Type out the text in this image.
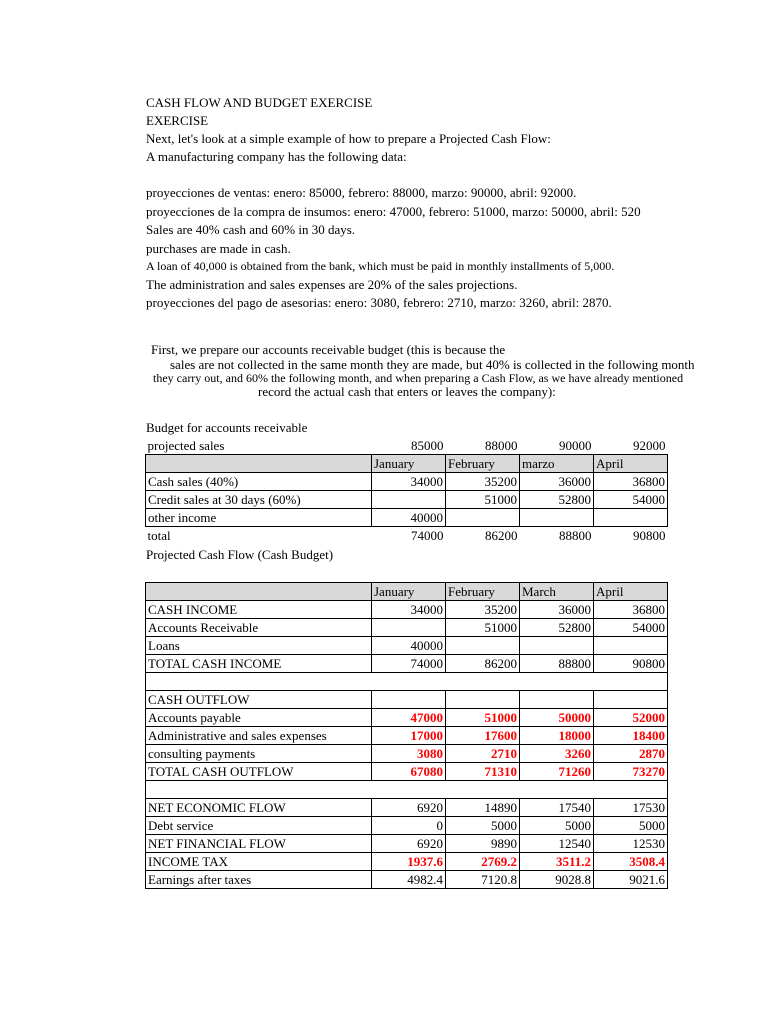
CASH FLOW AND BUDGET EXERCISE
EXERCISE
Next, let's look at a simple example of how to prepare a Projected Cash Flow:
A manufacturing company has the following data:
proyecciones de ventas: enero: 85000, febrero: 88000, marzo: 90000, abril: 92000.
proyecciones de la compra de insumos: enero: 47000, febrero: 51000, marzo: 50000, abril: 520
Sales are 40% cash and 60% in 30 days.
purchases are made in cash.
A loan of 40,000 is obtained from the bank, which must be paid in monthly installments of 5,000.
The administration and sales expenses are 20% of the sales projections.
proyecciones del pago de asesorias: enero: 3080, febrero: 2710, marzo: 3260, abril: 2870.
First, we prepare our accounts receivable budget (this is because the
sales are not collected in the same month they are made, but 40% is collected in the following month
they carry out, and 60% the following month, and when preparing a Cash Flow, as we have already mentioned
record the actual cash that enters or leaves the company):
Budget for accounts receivable
projected sales	85000	88000	90000	92000
	January	February	marzo	April
Cash sales (40%)	34000	35200	36000	36800
Credit sales at 30 days (60%)		51000	52800	54000
other income	40000			
total	74000	86200	88800	90800
Projected Cash Flow (Cash Budget)
	January	February	March	April
CASH INCOME	34000	35200	36000	36800
Accounts Receivable		51000	52800	54000
Loans	40000			
TOTAL CASH INCOME	74000	86200	88800	90800

CASH OUTFLOW				
Accounts payable	47000	51000	50000	52000
Administrative and sales expenses	17000	17600	18000	18400
consulting payments	3080	2710	3260	2870
TOTAL CASH OUTFLOW	67080	71310	71260	73270

NET ECONOMIC FLOW	6920	14890	17540	17530
Debt service	0	5000	5000	5000
NET FINANCIAL FLOW	6920	9890	12540	12530
INCOME TAX	1937.6	2769.2	3511.2	3508.4
Earnings after taxes	4982.4	7120.8	9028.8	9021.6
